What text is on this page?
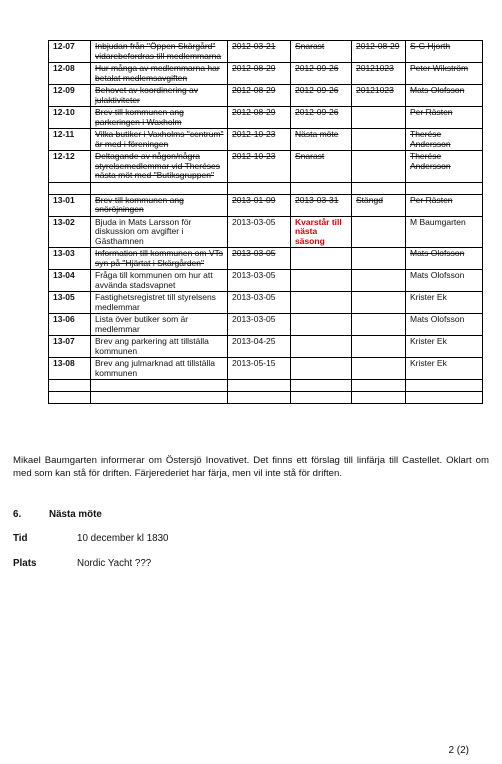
12-07	Inbjudan från "Öppen Skärgård" vidarebefordras till medlemmarna	2012-03-21	Snarast	2012-08-29	S-G Hjorth
12-08	Hur många av medlemmarna har betalat medlemsavgiften	2012-08-29	2012-09-26	20121023	Peter Wikström
12-09	Behovet av koordinering av julaktiviteter	2012-08-29	2012-09-26	20121023	Mats Olofsson
12-10	Brev till kommunen ang parkeringen i Waxholm	2012-08-29	2012-09-26		Per Rästen
12-11	Vilka butiker i Vaxholms "centrum" är med i föreningen	2012-10-23	Nästa möte		Therése Andersson
12-12	Deltagande av någon/några styrelsemedlemmar vid Theréses nästa möt med "Butiksgruppen"	2012-10-23	Snarast		Therése Andersson

13-01	Brev till kommunen ang snöröjningen	2013-01-09	2013-03-31	Stängd	Per Rästen
13-02	Bjuda in Mats Larsson för diskussion om avgifter i Gästhamnen	2013-03-05	Kvarstår till nästa säsong		M Baumgarten
13-03	Information till kommunen om VTs syn på "Hjärtat i Skärgården"	2013-03-05			Mats Olofsson
13-04	Fråga till kommunen om hur att avvända stadsvapnet	2013-03-05			Mats Olofsson
13-05	Fastighetsregistret till styrelsens medlemmar	2013-03-05			Krister Ek
13-06	Lista över butiker som är medlemmar	2013-03-05			Mats Olofsson
13-07	Brev ang parkering att tillställa kommunen	2013-04-25			Krister Ek
13-08	Brev ang julmarknad att tillställa kommunen	2013-05-15			Krister Ek

Mikael Baumgarten informerar om Östersjö Inovativet. Det finns ett förslag till linfärja till Castellet. Oklart om med som kan stå för driften. Färjerederiet har färja, men vil inte stå för driften.
6.	Nästa möte
Tid	10 december kl 1830
Plats	Nordic Yacht ???
2 (2)
